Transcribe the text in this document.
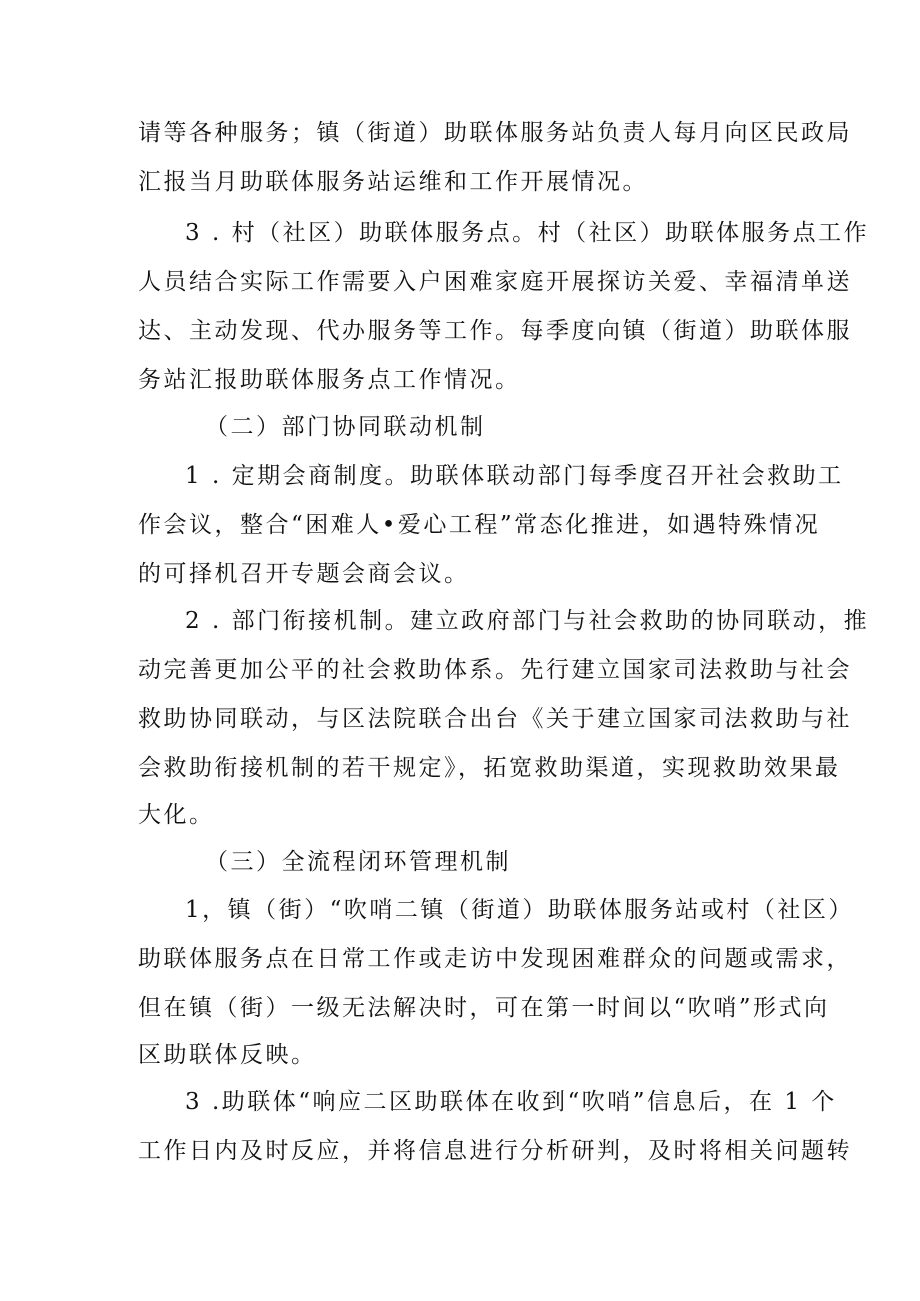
请等各种服务；镇（街道）助联体服务站负责人每月向区民政局
汇报当月助联体服务站运维和工作开展情况。
3 . 村（社区）助联体服务点。村（社区）助联体服务点工作
人员结合实际工作需要入户困难家庭开展探访关爱、幸福清单送
达、主动发现、代办服务等工作。每季度向镇（街道）助联体服
务站汇报助联体服务点工作情况。
（二）部门协同联动机制
1 . 定期会商制度。助联体联动部门每季度召开社会救助工
作会议，整合“困难人•爱心工程”常态化推进，如遇特殊情况
的可择机召开专题会商会议。
2 . 部门衔接机制。建立政府部门与社会救助的协同联动，推
动完善更加公平的社会救助体系。先行建立国家司法救助与社会
救助协同联动，与区法院联合出台《关于建立国家司法救助与社
会救助衔接机制的若干规定》，拓宽救助渠道，实现救助效果最
大化。
（三）全流程闭环管理机制
1，镇（街）“吹哨二镇（街道）助联体服务站或村（社区）
助联体服务点在日常工作或走访中发现困难群众的问题或需求，
但在镇（街）一级无法解决时，可在第一时间以“吹哨”形式向
区助联体反映。
3 .助联体“响应二区助联体在收到“吹哨”信息后，在 1 个
工作日内及时反应，并将信息进行分析研判，及时将相关问题转
